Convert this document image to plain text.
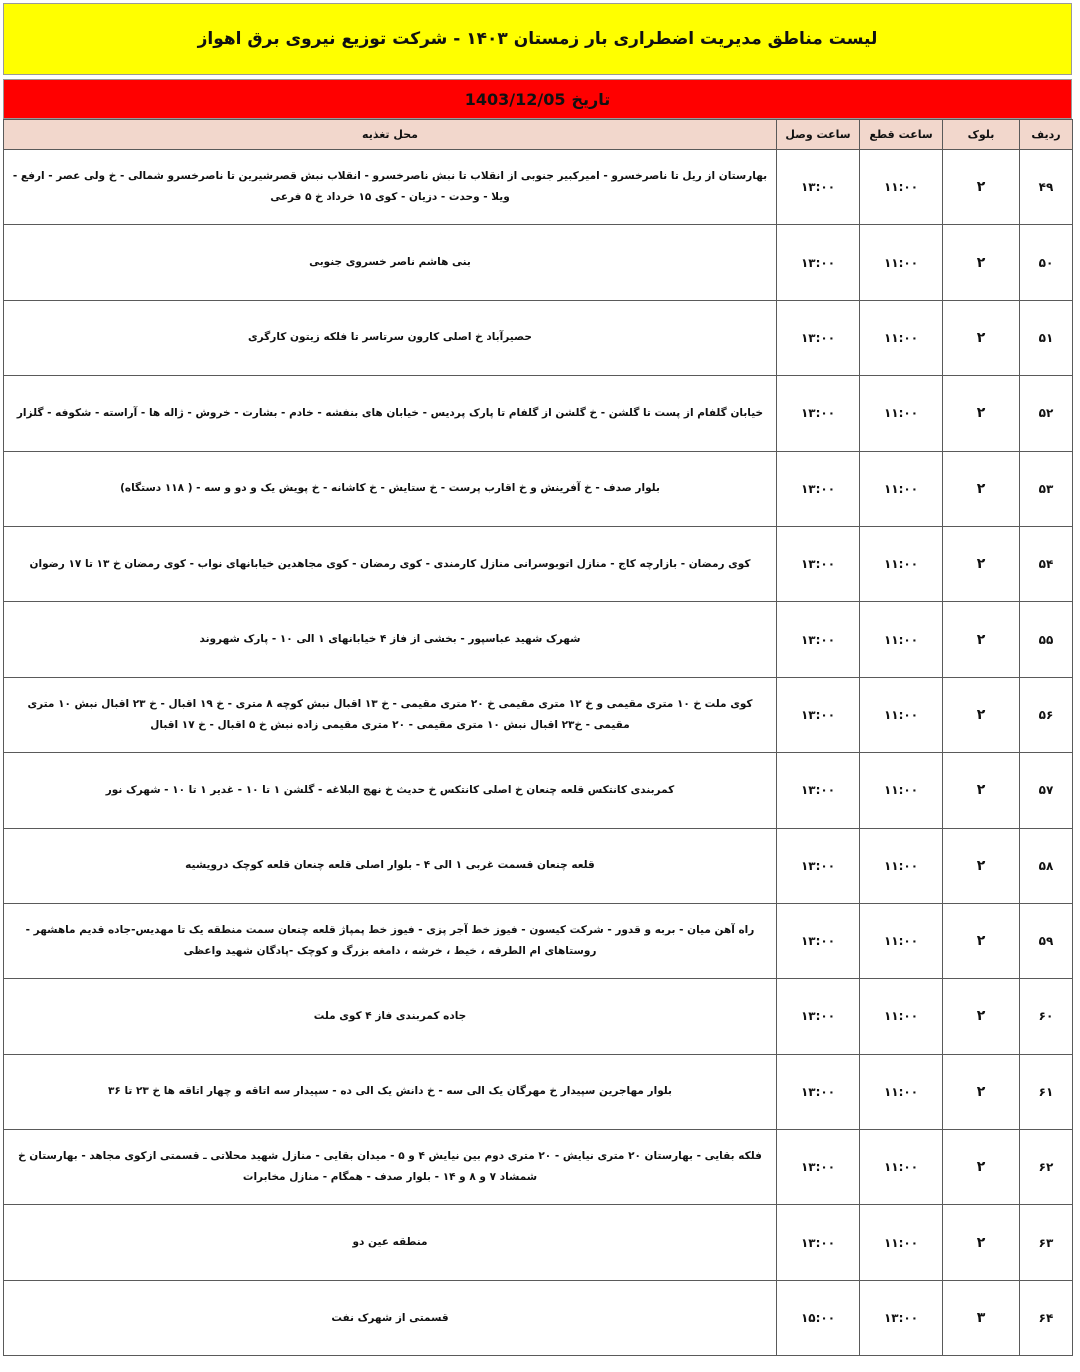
لیست مناطق مدیریت اضطراری بار زمستان ۱۴۰۳ - شرکت توزیع نیروی برق اهواز
تاریخ
1403/12/05
ردیف	بلوک	ساعت قطع	ساعت وصل	محل تغذیه
۴۹	۲	۱۱:۰۰	۱۳:۰۰	بهارستان از ریل تا ناصرخسرو - امیرکبیر جنوبی از انقلاب تا نبش ناصرخسرو - انقلاب نبش قصرشیرین تا ناصرخسرو شمالی - خ ولی عصر - ارفع - ویلا - وحدت - دزیان - کوی ۱۵ خرداد خ ۵ فرعی
۵۰	۲	۱۱:۰۰	۱۳:۰۰	بنی هاشم ناصر خسروی جنوبی
۵۱	۲	۱۱:۰۰	۱۳:۰۰	حصیرآباد خ اصلی کارون سرتاسر تا فلکه زیتون کارگری
۵۲	۲	۱۱:۰۰	۱۳:۰۰	خیابان گلفام از پست تا گلشن - خ گلشن از گلفام تا پارک پردیس - خیابان های بنفشه - خادم - بشارت - خروش - ژاله ها - آراسته - شکوفه - گلزار
۵۳	۲	۱۱:۰۰	۱۳:۰۰	بلوار صدف - خ آفرینش و خ اقارب پرست - خ ستایش - خ کاشانه - خ پویش یک و دو و سه - ( ۱۱۸ دستگاه)
۵۴	۲	۱۱:۰۰	۱۳:۰۰	کوی رمضان - بازارچه کاج - منازل اتوبوسرانی منازل کارمندی - کوی رمضان - کوی مجاهدین خیابانهای نواب - کوی رمضان خ ۱۳ تا ۱۷ رضوان
۵۵	۲	۱۱:۰۰	۱۳:۰۰	شهرک شهید عباسپور - بخشی از فاز ۴ خیابانهای ۱ الی ۱۰ - پارک شهروند
۵۶	۲	۱۱:۰۰	۱۳:۰۰	کوی ملت خ ۱۰ متری مقیمی و خ ۱۲ متری مقیمی خ ۲۰ متری مقیمی - خ ۱۳ اقبال نبش کوچه ۸ متری - خ ۱۹ اقبال - خ ۲۳ اقبال نبش ۱۰ متری مقیمی - خ۲۳ اقبال نبش ۱۰ متری مقیمی - ۲۰ متری مقیمی زاده نبش خ ۵ اقبال - خ ۱۷ اقبال
۵۷	۲	۱۱:۰۰	۱۳:۰۰	کمربندی کانتکس قلعه چنعان خ اصلی کانتکس خ حدیث خ نهج البلاغه - گلشن ۱ تا ۱۰ - غدیر ۱ تا ۱۰ - شهرک نور
۵۸	۲	۱۱:۰۰	۱۳:۰۰	قلعه چنعان قسمت غربی ۱ الی ۴ - بلوار اصلی قلعه چنعان قلعه کوچک درویشیه
۵۹	۲	۱۱:۰۰	۱۳:۰۰	راه آهن میان - بربه و قدور - شرکت کیسون - فیوز خط آجر پزی - فیوز خط پمپاژ قلعه چنعان سمت منطقه یک تا مهدیس-جاده قدیم ماهشهر - روستاهای ام الطرفه ، خیط ، خرشه ، دامغه بزرگ و کوچک -پادگان شهید واعظی
۶۰	۲	۱۱:۰۰	۱۳:۰۰	جاده کمربندی فاز ۴ کوی ملت
۶۱	۲	۱۱:۰۰	۱۳:۰۰	بلوار مهاجرین سپیدار خ مهرگان یک الی سه - خ دانش یک الی ده - سپیدار سه اتاقه و چهار اتاقه ها خ ۲۳ تا ۳۶
۶۲	۲	۱۱:۰۰	۱۳:۰۰	فلکه بقایی - بهارستان ۲۰ متری نیایش - ۲۰ متری دوم بین نیایش ۴ و ۵ - میدان بقایی - منازل شهید محلاتی ـ قسمتی ازکوی مجاهد - بهارستان خ شمشاد ۷ و ۸ و ۱۴ - بلوار صدف - همگام - منازل مخابرات
۶۳	۲	۱۱:۰۰	۱۳:۰۰	منطقه عین دو
۶۴	۳	۱۳:۰۰	۱۵:۰۰	قسمتی از شهرک نفت
